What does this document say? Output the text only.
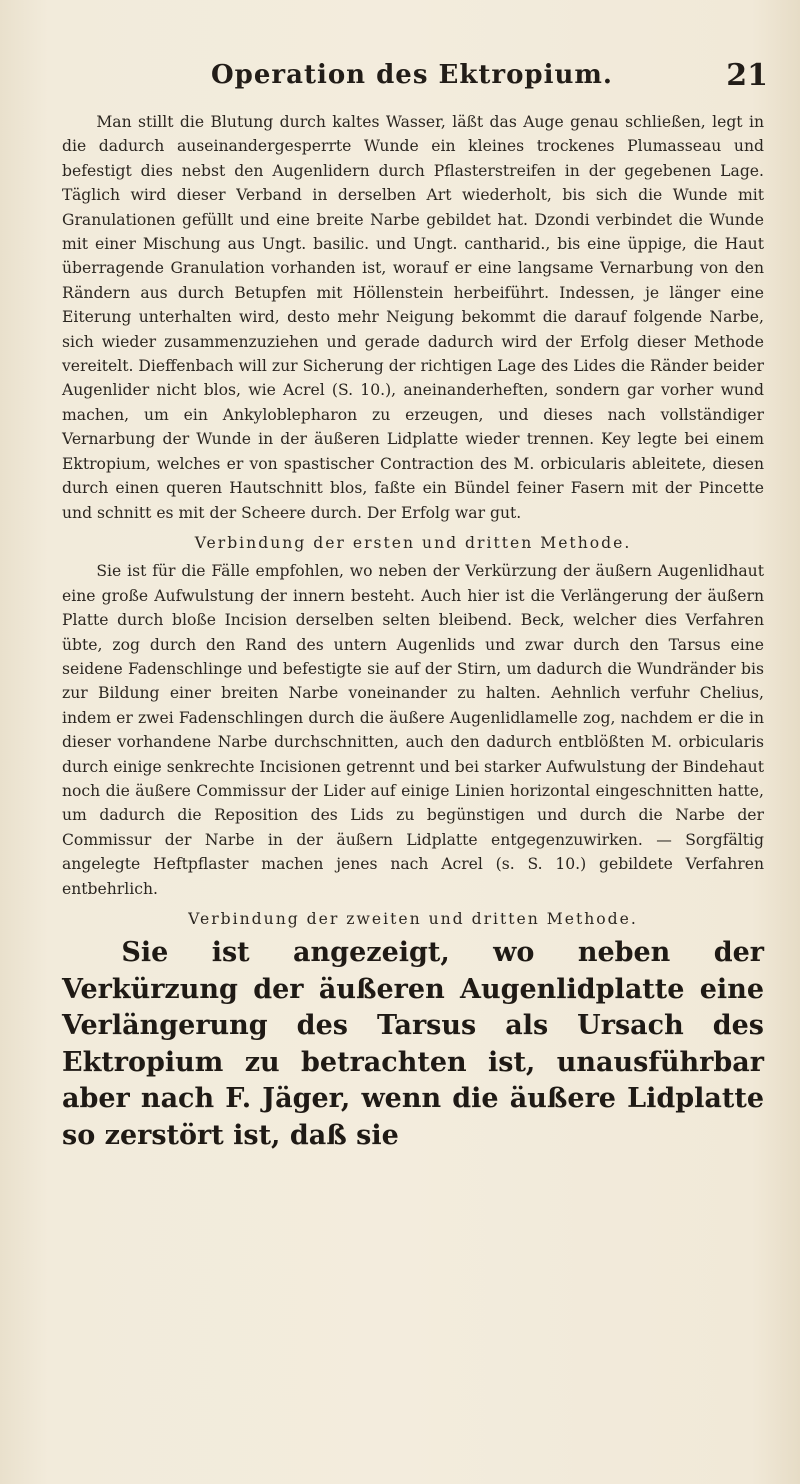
Operation des Ektropium.	21

Man stillt die Blutung durch kaltes Wasser, läßt das Auge genau schließen, legt in die dadurch auseinandergesperrte Wunde ein kleines trockenes Plumasseau und befestigt dies nebst den Augenlidern durch Pflasterstreifen in der gegebenen Lage. Täglich wird dieser Verband in derselben Art wiederholt, bis sich die Wunde mit Granulationen gefüllt und eine breite Narbe gebildet hat. Dzondi verbindet die Wunde mit einer Mischung aus Ungt. basilic. und Ungt. cantharid., bis eine üppige, die Haut überragende Granulation vorhanden ist, worauf er eine langsame Vernarbung von den Rändern aus durch Betupfen mit Höllenstein herbeiführt. Indessen, je länger eine Eiterung unterhalten wird, desto mehr Neigung bekommt die darauf folgende Narbe, sich wieder zusammenzuziehen und gerade dadurch wird der Erfolg dieser Methode vereitelt. Dieffenbach will zur Sicherung der richtigen Lage des Lides die Ränder beider Augenlider nicht blos, wie Acrel (S. 10.), aneinanderheften, sondern gar vorher wund machen, um ein Ankyloblepharon zu erzeugen, und dieses nach vollständiger Vernarbung der Wunde in der äußeren Lidplatte wieder trennen. Key legte bei einem Ektropium, welches er von spastischer Contraction des M. orbicularis ableitete, diesen durch einen queren Hautschnitt blos, faßte ein Bündel feiner Fasern mit der Pincette und schnitt es mit der Scheere durch. Der Erfolg war gut.

Verbindung der ersten und dritten Methode.

Sie ist für die Fälle empfohlen, wo neben der Verkürzung der äußern Augenlidhaut eine große Aufwulstung der innern besteht. Auch hier ist die Verlängerung der äußern Platte durch bloße Incision derselben selten bleibend. Beck, welcher dies Verfahren übte, zog durch den Rand des untern Augenlids und zwar durch den Tarsus eine seidene Fadenschlinge und befestigte sie auf der Stirn, um dadurch die Wundränder bis zur Bildung einer breiten Narbe voneinander zu halten. Aehnlich verfuhr Chelius, indem er zwei Fadenschlingen durch die äußere Augenlidlamelle zog, nachdem er die in dieser vorhandene Narbe durchschnitten, auch den dadurch entblößten M. orbicularis durch einige senkrechte Incisionen getrennt und bei starker Aufwulstung der Bindehaut noch die äußere Commissur der Lider auf einige Linien horizontal eingeschnitten hatte, um dadurch die Reposition des Lids zu begünstigen und durch die Narbe der Commissur der Narbe in der äußern Lidplatte entgegenzuwirken. — Sorgfältig angelegte Heftpflaster machen jenes nach Acrel (s. S. 10.) gebildete Verfahren entbehrlich.

Verbindung der zweiten und dritten Methode.

Sie ist angezeigt, wo neben der Verkürzung der äußeren Augenlidplatte eine Verlängerung des Tarsus als Ursach des Ektropium zu betrachten ist, unausführbar aber nach F. Jäger, wenn die äußere Lidplatte so zerstört ist, daß sie
